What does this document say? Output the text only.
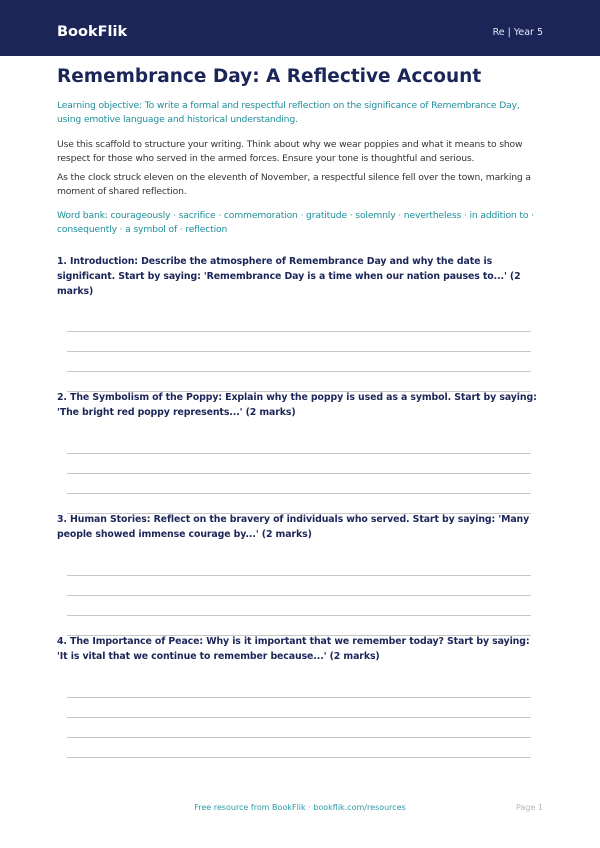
BookFlik	Re | Year 5
Remembrance Day: A Reflective Account
Learning objective: To write a formal and respectful reflection on the significance of Remembrance Day, using emotive language and historical understanding.
Use this scaffold to structure your writing. Think about why we wear poppies and what it means to show respect for those who served in the armed forces. Ensure your tone is thoughtful and serious.
As the clock struck eleven on the eleventh of November, a respectful silence fell over the town, marking a moment of shared reflection.
Word bank: courageously · sacrifice · commemoration · gratitude · solemnly · nevertheless · in addition to · consequently · a symbol of · reflection
1. Introduction: Describe the atmosphere of Remembrance Day and why the date is significant. Start by saying: 'Remembrance Day is a time when our nation pauses to...' (2 marks)
2. The Symbolism of the Poppy: Explain why the poppy is used as a symbol. Start by saying: 'The bright red poppy represents...' (2 marks)
3. Human Stories: Reflect on the bravery of individuals who served. Start by saying: 'Many people showed immense courage by...' (2 marks)
4. The Importance of Peace: Why is it important that we remember today? Start by saying: 'It is vital that we continue to remember because...' (2 marks)
Free resource from BookFlik · bookflik.com/resources	Page 1
